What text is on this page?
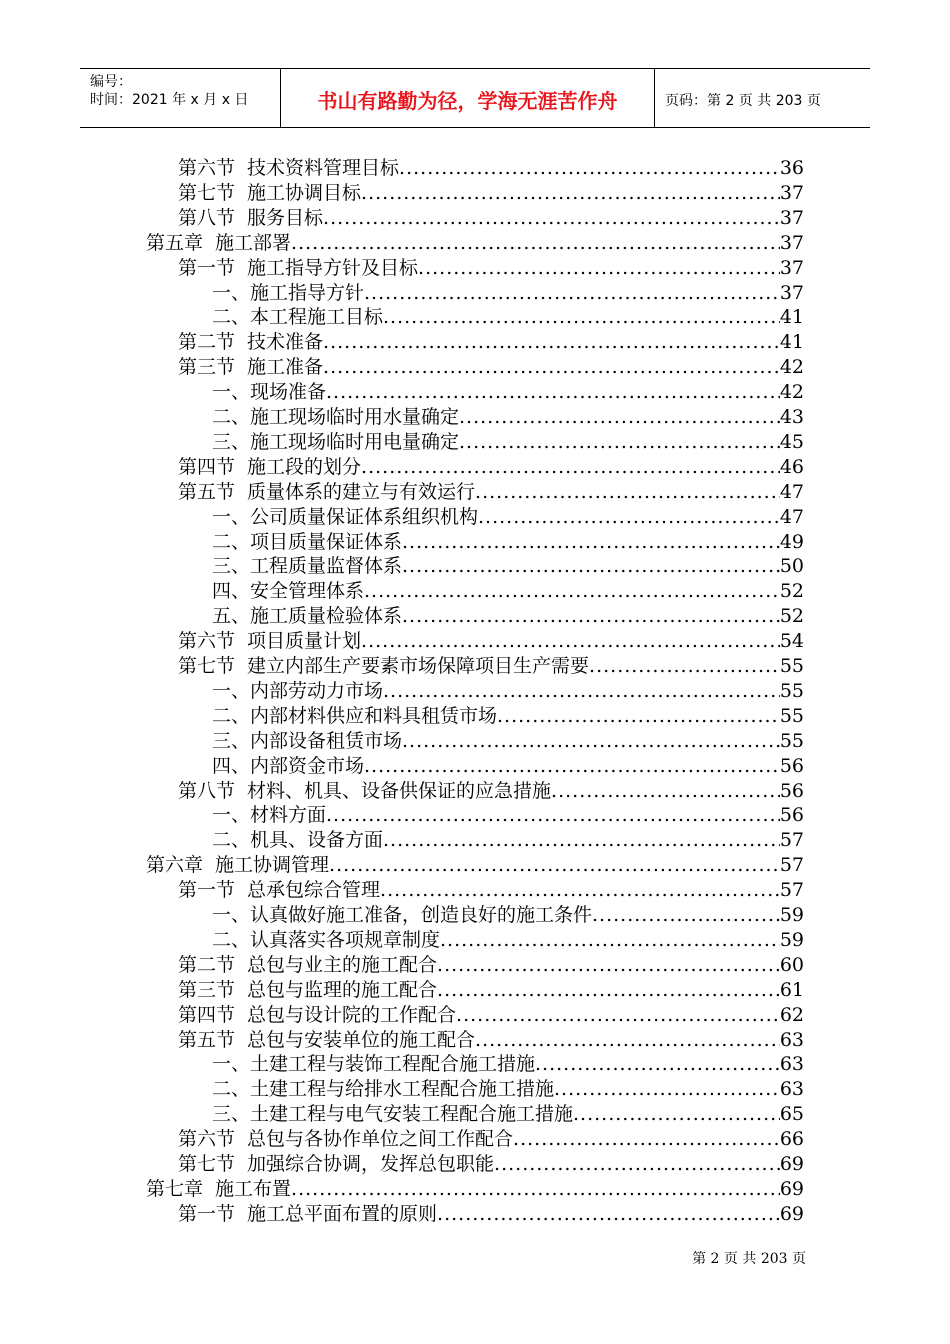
编号：
时间：2021 年 x 月 x 日	书山有路勤为径，学海无涯苦作舟	页码：第 2 页 共 203 页
第六节 技术资料管理目标 .....	36
第七节 施工协调目标 .....	37
第八节 服务目标 .....	37
第五章 施工部署 .....	37
第一节 施工指导方针及目标 .....	37
一、施工指导方针 .....	37
二、本工程施工目标 .....	41
第二节 技术准备 .....	41
第三节 施工准备 .....	42
一、现场准备 .....	42
二、施工现场临时用水量确定 .....	43
三、施工现场临时用电量确定 .....	45
第四节 施工段的划分 .....	46
第五节 质量体系的建立与有效运行 .....	47
一、公司质量保证体系组织机构 .....	47
二、项目质量保证体系 .....	49
三、工程质量监督体系 .....	50
四、安全管理体系 .....	52
五、施工质量检验体系 .....	52
第六节 项目质量计划 .....	54
第七节 建立内部生产要素市场保障项目生产需要 .....	55
一、内部劳动力市场 .....	55
二、内部材料供应和料具租赁市场 .....	55
三、内部设备租赁市场 .....	55
四、内部资金市场 .....	56
第八节 材料、机具、设备供保证的应急措施 .....	56
一、材料方面 .....	56
二、机具、设备方面 .....	57
第六章 施工协调管理 .....	57
第一节 总承包综合管理 .....	57
一、认真做好施工准备，创造良好的施工条件 .....	59
二、认真落实各项规章制度 .....	59
第二节 总包与业主的施工配合 .....	60
第三节 总包与监理的施工配合 .....	61
第四节 总包与设计院的工作配合 .....	62
第五节 总包与安装单位的施工配合 .....	63
一、土建工程与装饰工程配合施工措施 .....	63
二、土建工程与给排水工程配合施工措施 .....	63
三、土建工程与电气安装工程配合施工措施 .....	65
第六节 总包与各协作单位之间工作配合 .....	66
第七节 加强综合协调，发挥总包职能 .....	69
第七章 施工布置 .....	69
第一节 施工总平面布置的原则 .....	69
第 2 页 共 203 页
